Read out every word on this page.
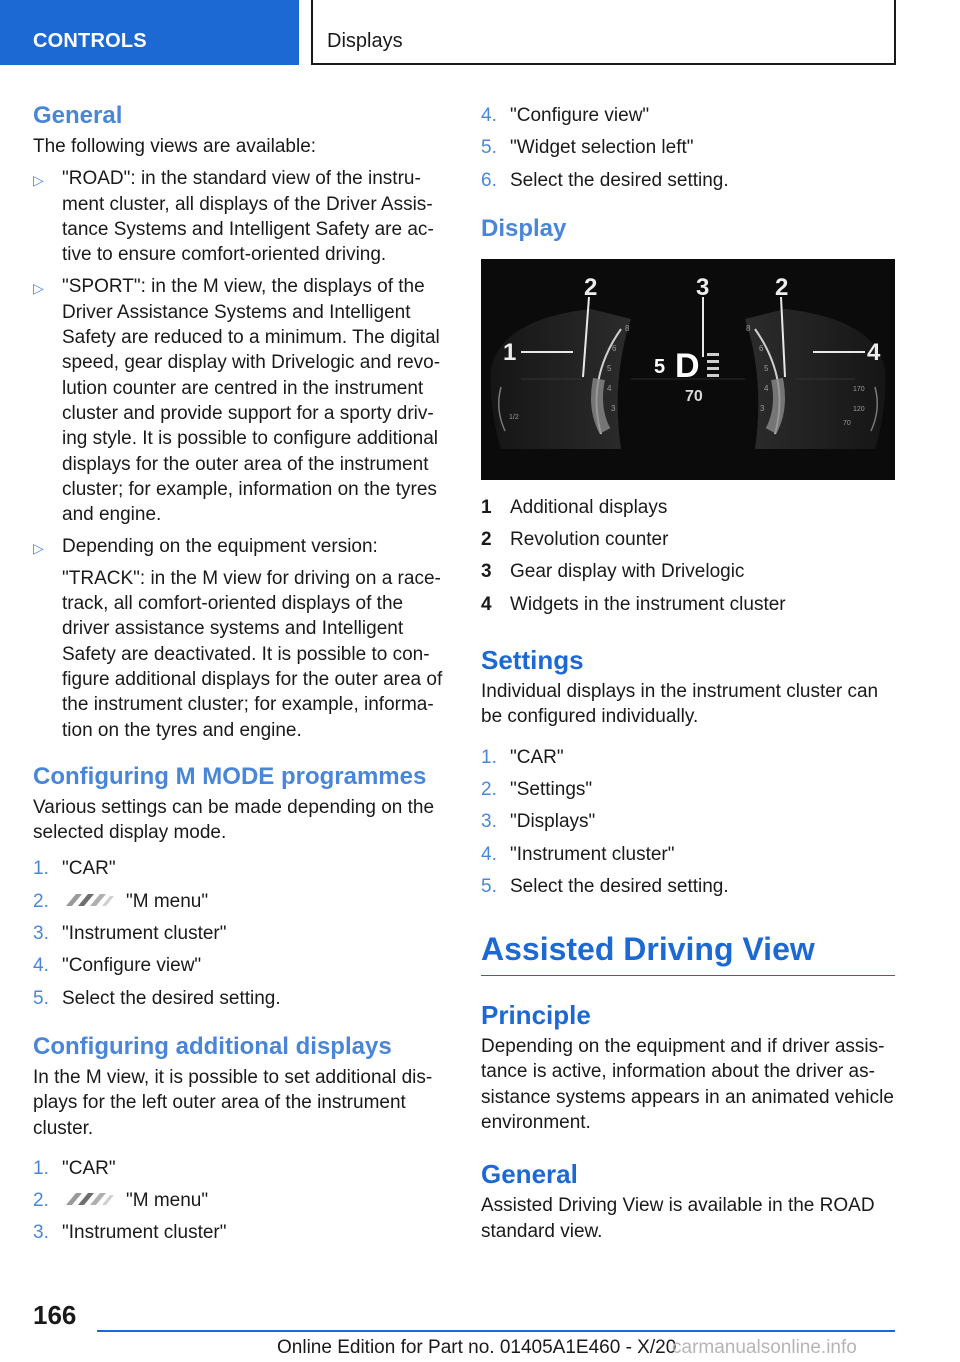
CONTROLS	Displays
General

The following views are available:

▷ "ROAD": in the standard view of the instrument cluster, all displays of the Driver Assistance Systems and Intelligent Safety are active to ensure comfort-oriented driving.
▷ "SPORT": in the M view, the displays of the Driver Assistance Systems and Intelligent Safety are reduced to a minimum. The digital speed, gear display with Drivelogic and revolution counter are centred in the instrument cluster and provide support for a sporty driving style. It is possible to configure additional displays for the outer area of the instrument cluster; for example, information on the tyres and engine.
▷ Depending on the equipment version:

"TRACK": in the M view for driving on a racetrack, all comfort-oriented displays of the driver assistance systems and Intelligent Safety are deactivated. It is possible to configure additional displays for the outer area of the instrument cluster; for example, information on the tyres and engine.

Configuring M MODE programmes

Various settings can be made depending on the selected display mode.

1. "CAR"
2.	"M menu"
3. "Instrument cluster"
4. "Configure view"
5. Select the desired setting.
Configuring additional displays

In the M view, it is possible to set additional displays for the left outer area of the instrument cluster.

1. "CAR"
2.	"M menu"
3. "Instrument cluster"
4. "Configure view"
5. "Widget selection left"
6. Select the desired setting.
Display
1
2	3	2
4
5 D
70
8
6
5
4
3
8
6
5
4
3
1/2
170
120
70
1 Additional displays
2 Revolution counter
3 Gear display with Drivelogic
4 Widgets in the instrument cluster
Settings

Individual displays in the instrument cluster can be configured individually.

1. "CAR"
2. "Settings"
3. "Displays"
4. "Instrument cluster"
5. Select the desired setting.
Assisted Driving View
Principle

Depending on the equipment and if driver assistance is active, information about the driver assistance systems appears in an animated vehicle environment.

General

Assisted Driving View is available in the ROAD standard view.

166
Online Edition for Part no. 01405A1E460 - X/20
carmanualsonline.info
